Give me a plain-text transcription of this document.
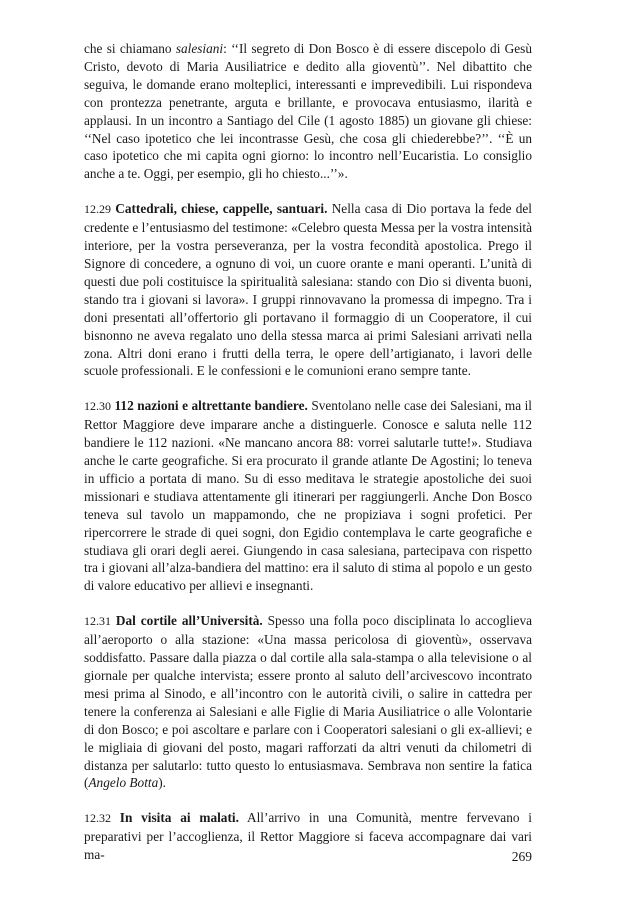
che si chiamano salesiani: ‘‘Il segreto di Don Bosco è di essere discepolo di Gesù Cristo, devoto di Maria Ausiliatrice e dedito alla gioventù’’. Nel dibattito che seguiva, le domande erano molteplici, interessanti e imprevedibili. Lui rispondeva con prontezza penetrante, arguta e brillante, e provocava entusiasmo, ilarità e applausi. In un incontro a Santiago del Cile (1 agosto 1885) un giovane gli chiese: ‘‘Nel caso ipotetico che lei incontrasse Gesù, che cosa gli chiederebbe?’’. ‘‘È un caso ipotetico che mi capita ogni giorno: lo incontro nell’Eucaristia. Lo consiglio anche a te. Oggi, per esempio, gli ho chiesto...’’».

12.29 Cattedrali, chiese, cappelle, santuari. Nella casa di Dio portava la fede del credente e l’entusiasmo del testimone: «Celebro questa Messa per la vostra intensità interiore, per la vostra perseveranza, per la vostra fecondità apostolica. Prego il Signore di concedere, a ognuno di voi, un cuore orante e mani operanti. L’unità di questi due poli costituisce la spiritualità salesiana: stando con Dio si diventa buoni, stando tra i giovani si lavora». I gruppi rinnovavano la promessa di impegno. Tra i doni presentati all’offertorio gli portavano il formaggio di un Cooperatore, il cui bisnonno ne aveva regalato uno della stessa marca ai primi Salesiani arrivati nella zona. Altri doni erano i frutti della terra, le opere dell’artigianato, i lavori delle scuole professionali. E le confessioni e le comunioni erano sempre tante.

12.30 112 nazioni e altrettante bandiere. Sventolano nelle case dei Salesiani, ma il Rettor Maggiore deve imparare anche a distinguerle. Conosce e saluta nelle 112 bandiere le 112 nazioni. «Ne mancano ancora 88: vorrei salutarle tutte!». Studiava anche le carte geografiche. Si era procurato il grande atlante De Agostini; lo teneva in ufficio a portata di mano. Su di esso meditava le strategie apostoliche dei suoi missionari e studiava attentamente gli itinerari per raggiungerli. Anche Don Bosco teneva sul tavolo un mappamondo, che ne propiziava i sogni profetici. Per ripercorrere le strade di quei sogni, don Egidio contemplava le carte geografiche e studiava gli orari degli aerei. Giungendo in casa salesiana, partecipava con rispetto tra i giovani all’alza-bandiera del mattino: era il saluto di stima al popolo e un gesto di valore educativo per allievi e insegnanti.

12.31 Dal cortile all’Università. Spesso una folla poco disciplinata lo accoglieva all’aeroporto o alla stazione: «Una massa pericolosa di gioventù», osservava soddisfatto. Passare dalla piazza o dal cortile alla sala-stampa o alla televisione o al giornale per qualche intervista; essere pronto al saluto dell’arcivescovo incontrato mesi prima al Sinodo, e all’incontro con le autorità civili, o salire in cattedra per tenere la conferenza ai Salesiani e alle Figlie di Maria Ausiliatrice o alle Volontarie di don Bosco; e poi ascoltare e parlare con i Cooperatori salesiani o gli ex-allievi; e le migliaia di giovani del posto, magari rafforzati da altri venuti da chilometri di distanza per salutarlo: tutto questo lo entusiasmava. Sembrava non sentire la fatica (Angelo Botta).

12.32 In visita ai malati. All’arrivo in una Comunità, mentre fervevano i preparativi per l’accoglienza, il Rettor Maggiore si faceva accompagnare dai vari ma-	269
